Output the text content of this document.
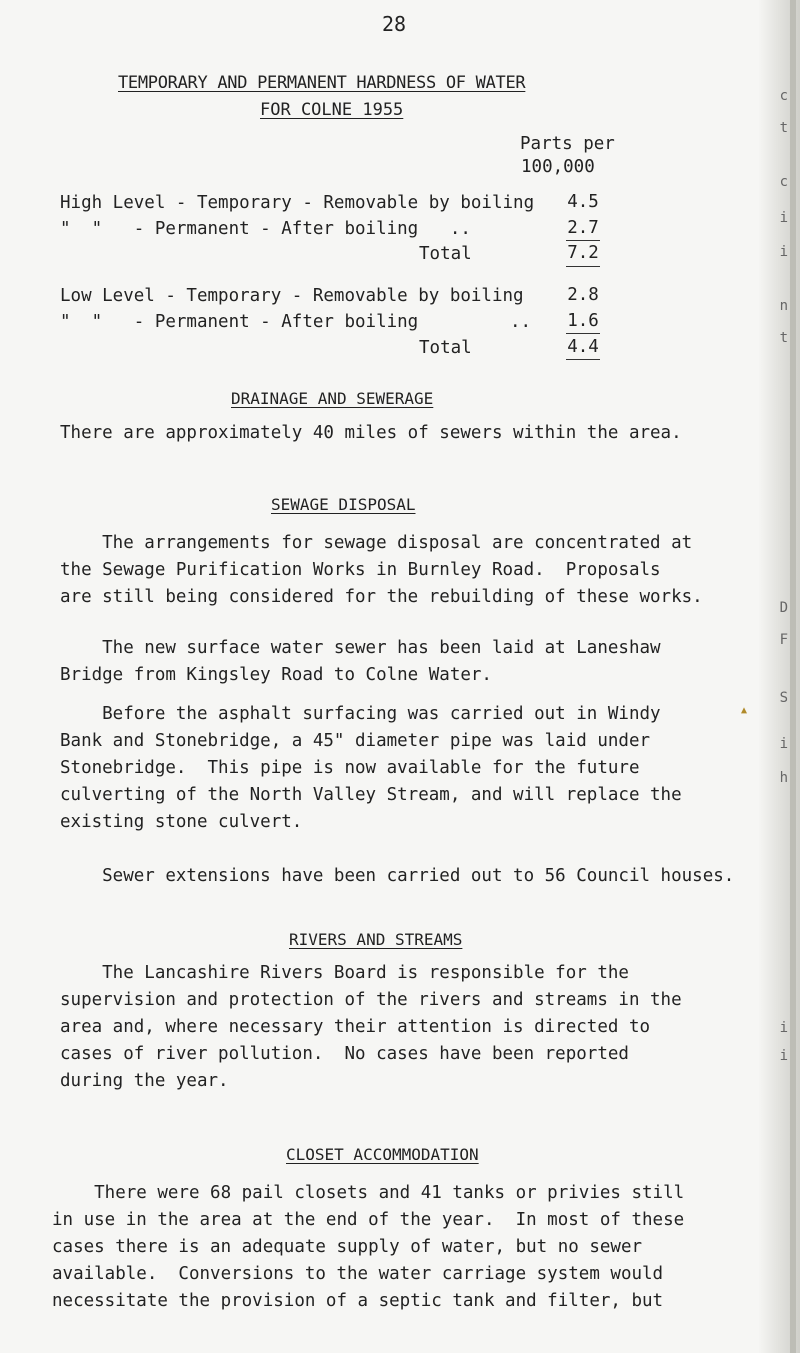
c
t
c
i
i
n
t
D
F
S
i
h
i
i
28
TEMPORARY AND PERMANENT HARDNESS OF WATER
FOR COLNE 1955
Parts per
100,000
High Level - Temporary - Removable by boiling	4.5
"  "   - Permanent - After boiling   ..	2.7
Total	7.2
Low Level - Temporary - Removable by boiling	2.8
"  "   - Permanent - After boiling	..	1.6
Total	4.4
DRAINAGE AND SEWERAGE
There are approximately 40 miles of sewers within the area.
SEWAGE DISPOSAL
The arrangements for sewage disposal are concentrated at
the Sewage Purification Works in Burnley Road.  Proposals
are still being considered for the rebuilding of these works.
The new surface water sewer has been laid at Laneshaw
Bridge from Kingsley Road to Colne Water.
Before the asphalt surfacing was carried out in Windy
Bank and Stonebridge, a 45" diameter pipe was laid under
Stonebridge.  This pipe is now available for the future
culverting of the North Valley Stream, and will replace the
existing stone culvert.
▲
Sewer extensions have been carried out to 56 Council houses.
RIVERS AND STREAMS
The Lancashire Rivers Board is responsible for the
supervision and protection of the rivers and streams in the
area and, where necessary their attention is directed to
cases of river pollution.  No cases have been reported
during the year.
CLOSET ACCOMMODATION
There were 68 pail closets and 41 tanks or privies still
in use in the area at the end of the year.  In most of these
cases there is an adequate supply of water, but no sewer
available.  Conversions to the water carriage system would
necessitate the provision of a septic tank and filter, but
